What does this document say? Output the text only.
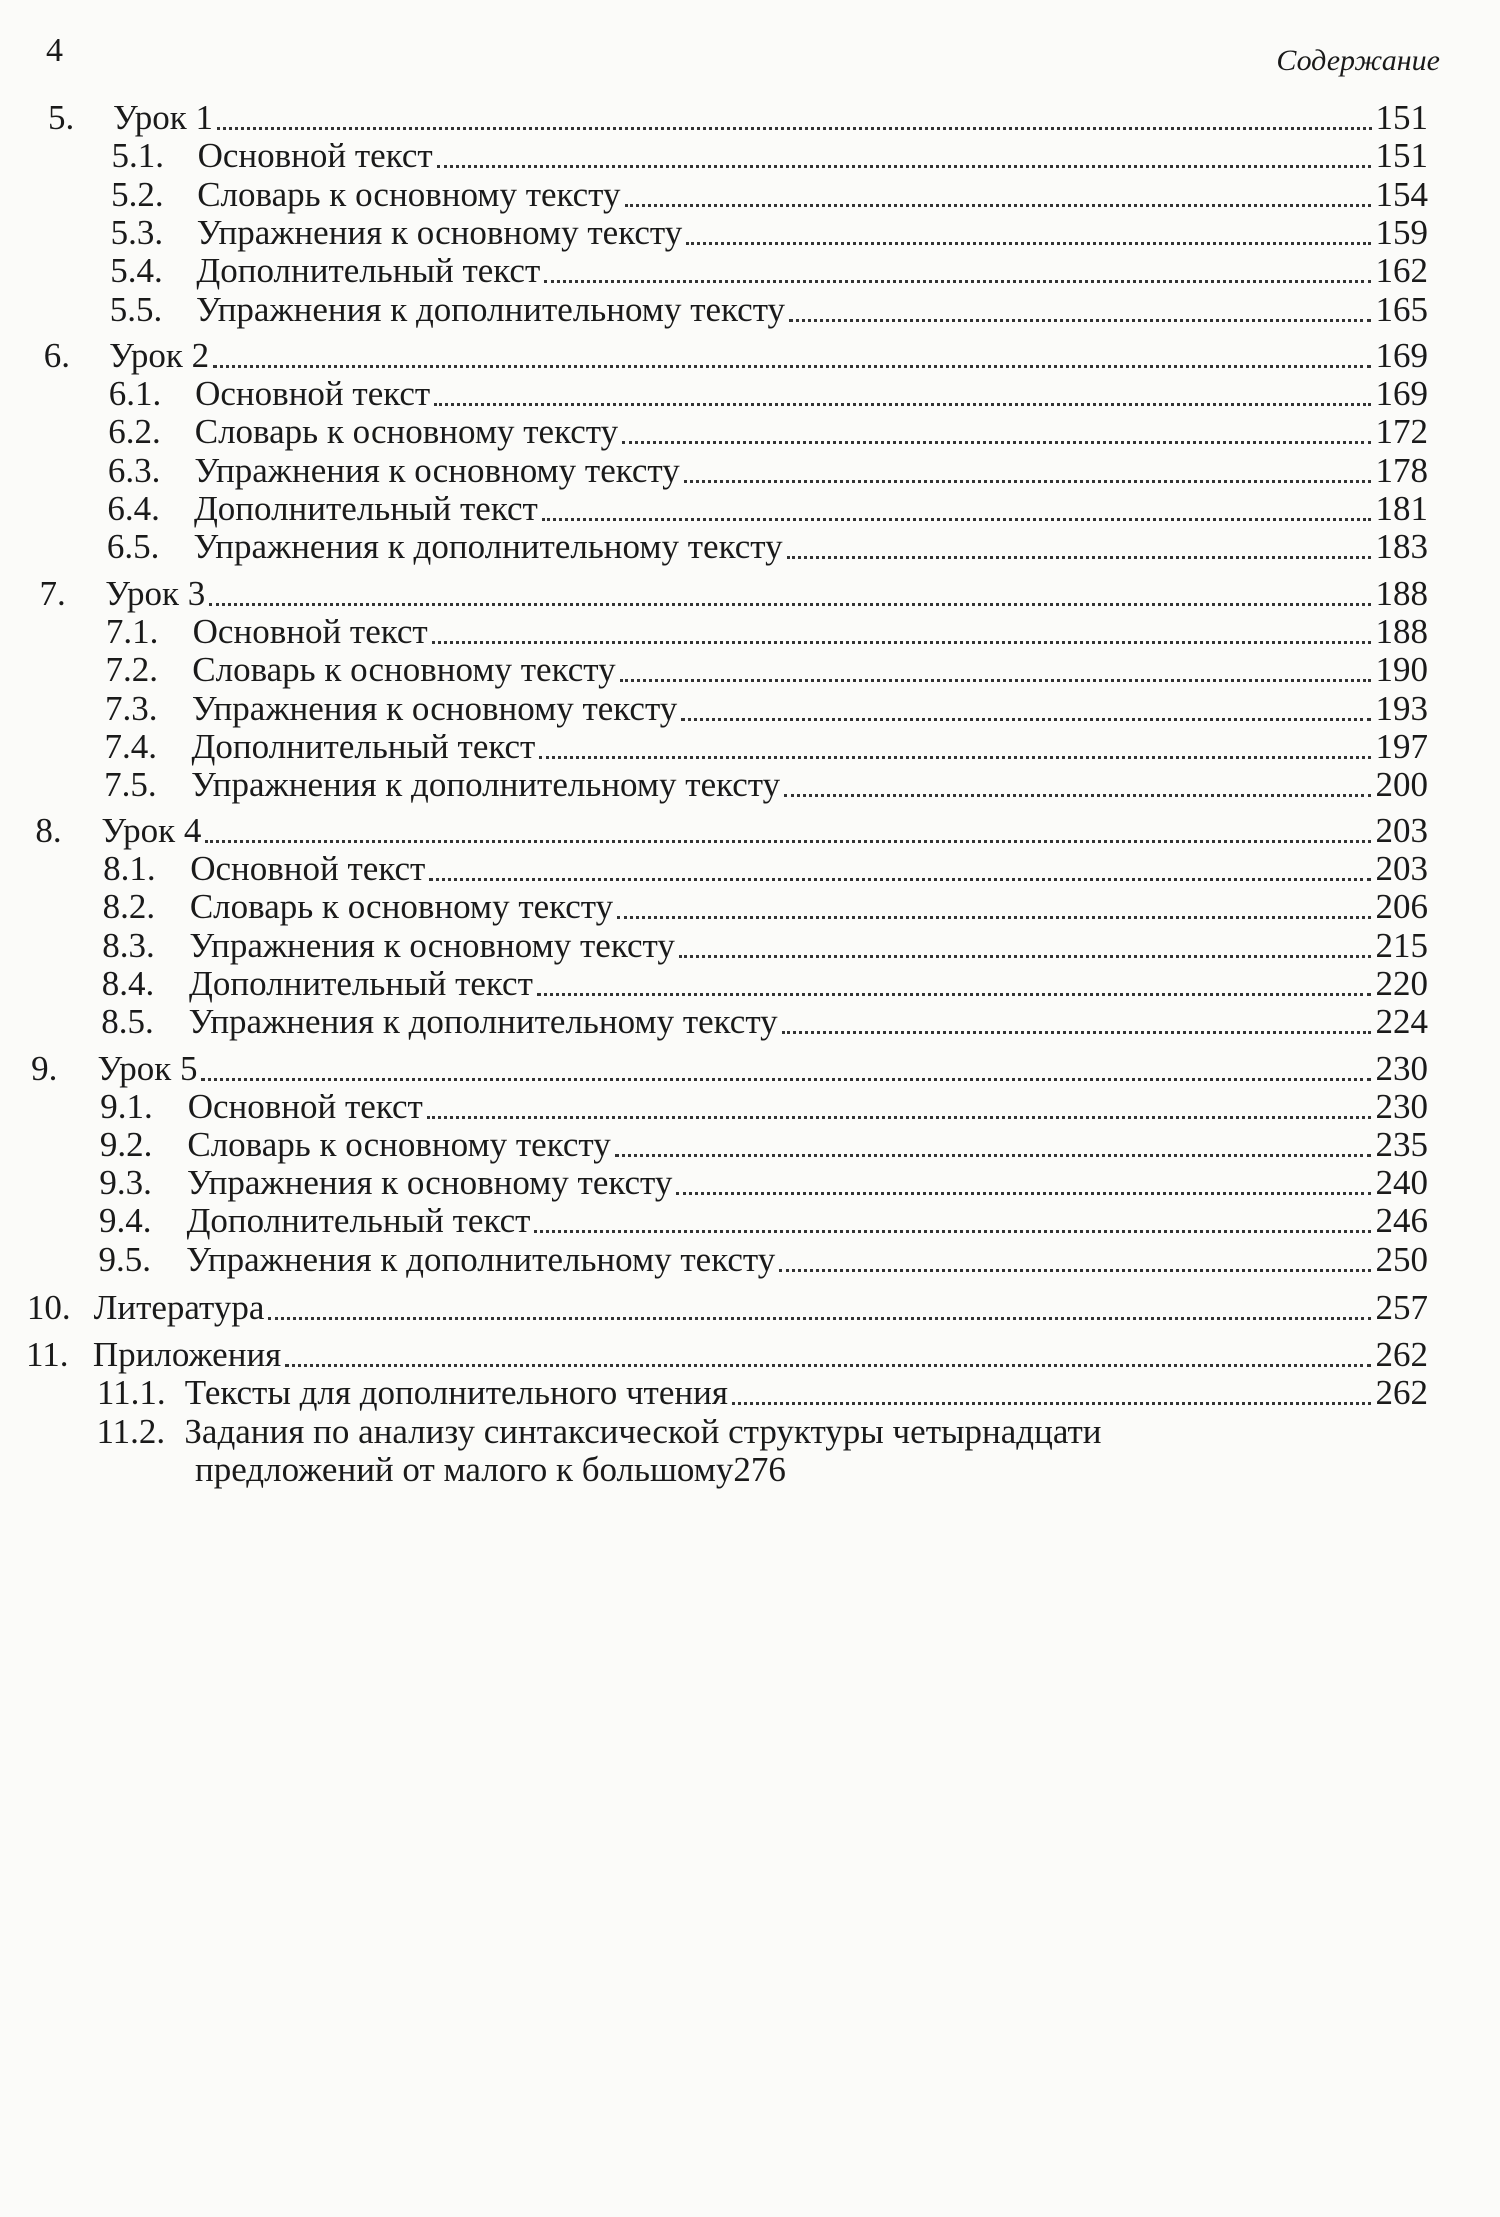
4	Содержание
5.	Урок 1	151
5.1. Основной текст	151
5.2. Словарь к основному тексту	154
5.3. Упражнения к основному тексту	159
5.4. Дополнительный текст	162
5.5. Упражнения к дополнительному тексту	165
6.	Урок 2	169
6.1. Основной текст	169
6.2. Словарь к основному тексту	172
6.3. Упражнения к основному тексту	178
6.4. Дополнительный текст	181
6.5. Упражнения к дополнительному тексту	183
7.	Урок 3	188
7.1. Основной текст	188
7.2. Словарь к основному тексту	190
7.3. Упражнения к основному тексту	193
7.4. Дополнительный текст	197
7.5. Упражнения к дополнительному тексту	200
8.	Урок 4	203
8.1. Основной текст	203
8.2. Словарь к основному тексту	206
8.3. Упражнения к основному тексту	215
8.4. Дополнительный текст	220
8.5. Упражнения к дополнительному тексту	224
9.	Урок 5	230
9.1. Основной текст	230
9.2.	Словарь к основному тексту	235
9.3.	Упражнения к основному тексту	240
9.4.	Дополнительный текст	246
9.5.	Упражнения к дополнительному тексту	250
10. Литература	257
11. Приложения	262
11.1. Тексты для дополнительного чтения	262
11.2. Задания по анализу синтаксической структуры четырнадцати
предложений от малого к большому 276
